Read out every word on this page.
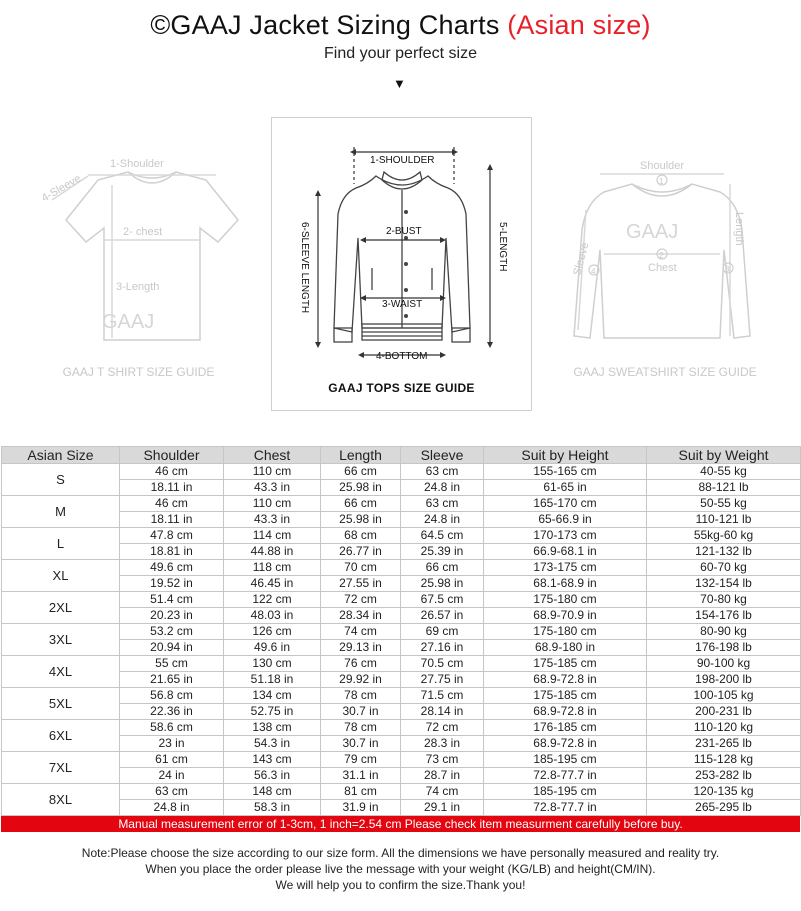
©GAAJ Jacket Sizing Charts (Asian size)
Find your perfect size
▼
1-Shoulder
4-Sleeve
2- chest
3-Length
GAAJ
GAAJ T SHIRT SIZE GUIDE
1-SHOULDER
2-BUST
3-WAIST
4-BOTTOM
5-LENGTH
6-SLEEVE LENGTH
GAAJ TOPS SIZE GUIDE
1
2
3
4
Shoulder
Length
Sleeve	Chest
GAAJ
GAAJ SWEATSHIRT SIZE GUIDE
Asian Size	Shoulder	Chest	Length	Sleeve	Suit by Height	Suit by Weight
S	46 cm	110 cm	66 cm	63 cm	155-165 cm	40-55 kg
	18.11 in	43.3 in	25.98 in	24.8 in	61-65 in	88-121 lb
M	46 cm	110 cm	66 cm	63 cm	165-170 cm	50-55 kg
	18.11 in	43.3 in	25.98 in	24.8 in	65-66.9 in	110-121 lb
L	47.8 cm	114 cm	68 cm	64.5 cm	170-173 cm	55kg-60 kg
	18.81 in	44.88 in	26.77 in	25.39 in	66.9-68.1 in	121-132 lb
XL	49.6 cm	118 cm	70 cm	66 cm	173-175 cm	60-70 kg
	19.52 in	46.45 in	27.55 in	25.98 in	68.1-68.9 in	132-154 lb
2XL	51.4 cm	122 cm	72 cm	67.5 cm	175-180 cm	70-80 kg
	20.23 in	48.03 in	28.34 in	26.57 in	68.9-70.9 in	154-176 lb
3XL	53.2 cm	126 cm	74 cm	69 cm	175-180 cm	80-90 kg
	20.94 in	49.6 in	29.13 in	27.16 in	68.9-180 in	176-198 lb
4XL	55 cm	130 cm	76 cm	70.5 cm	175-185 cm	90-100 kg
	21.65 in	51.18 in	29.92 in	27.75 in	68.9-72.8 in	198-200 lb
5XL	56.8 cm	134 cm	78 cm	71.5 cm	175-185 cm	100-105 kg
	22.36 in	52.75 in	30.7 in	28.14 in	68.9-72.8 in	200-231 lb
6XL	58.6 cm	138 cm	78 cm	72 cm	176-185 cm	110-120 kg
	23 in	54.3 in	30.7 in	28.3 in	68.9-72.8 in	231-265 lb
7XL	61 cm	143 cm	79 cm	73 cm	185-195 cm	115-128 kg
	24 in	56.3 in	31.1 in	28.7 in	72.8-77.7 in	253-282 lb
8XL	63 cm	148 cm	81 cm	74 cm	185-195 cm	120-135 kg
	24.8 in	58.3 in	31.9 in	29.1 in	72.8-77.7 in	265-295 lb
Manual measurement error of 1-3cm, 1 inch=2.54 cm Please check item measurment carefully before buy.
Note:Please choose the size according to our size form. All the dimensions we have personally measured and reality try.
When you place the order please live the message with your weight (KG/LB) and height(CM/IN).
We will help you to confirm the size.Thank you!
